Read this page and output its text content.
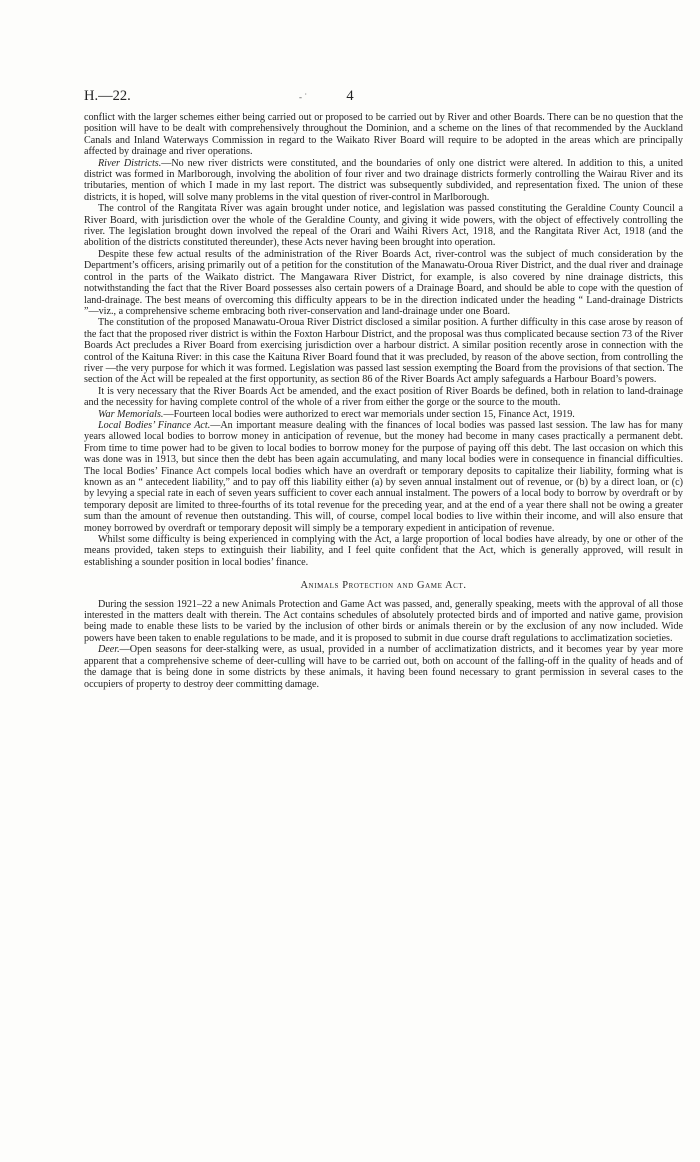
H.—22.	- ˙	4

conflict with the larger schemes either being carried out or proposed to be carried out by River and other Boards. There can be no question that the position will have to be dealt with comprehensively throughout the Dominion, and a scheme on the lines of that recommended by the Auckland Canals and Inland Waterways Commission in regard to the Waikato River Board will require to be adopted in the areas which are principally affected by drainage and river operations.

River Districts.—No new river districts were constituted, and the boundaries of only one district were altered. In addition to this, a united district was formed in Marlborough, involving the abolition of four river and two drainage districts formerly controlling the Wairau River and its tributaries, mention of which I made in my last report. The district was subsequently subdivided, and representation fixed. The union of these districts, it is hoped, will solve many problems in the vital question of river-control in Marlborough.

The control of the Rangitata River was again brought under notice, and legislation was passed constituting the Geraldine County Council a River Board, with jurisdiction over the whole of the Geraldine County, and giving it wide powers, with the object of effectively controlling the river. The legislation brought down involved the repeal of the Orari and Waihi Rivers Act, 1918, and the Rangitata River Act, 1918 (and the abolition of the districts constituted thereunder), these Acts never having been brought into operation.

Despite these few actual results of the administration of the River Boards Act, river-control was the subject of much consideration by the Department’s officers, arising primarily out of a petition for the constitution of the Manawatu-Oroua River District, and the dual river and drainage control in the parts of the Waikato district. The Mangawara River District, for example, is also covered by nine drainage districts, this notwithstanding the fact that the River Board possesses also certain powers of a Drainage Board, and should be able to cope with the question of land-drainage. The best means of overcoming this difficulty appears to be in the direction indicated under the heading “ Land-drainage Districts ”—viz., a comprehensive scheme embracing both river-conservation and land-drainage under one Board.

The constitution of the proposed Manawatu-Oroua River District disclosed a similar position. A further difficulty in this case arose by reason of the fact that the proposed river district is within the Foxton Harbour District, and the proposal was thus complicated because section 73 of the River Boards Act precludes a River Board from exercising jurisdiction over a harbour district. A similar position recently arose in connection with the control of the Kaituna River: in this case the Kaituna River Board found that it was precluded, by reason of the above section, from controlling the river —the very purpose for which it was formed. Legislation was passed last session exempting the Board from the provisions of that section. The section of the Act will be repealed at the first opportunity, as section 86 of the River Boards Act amply safeguards a Harbour Board’s powers.

It is very necessary that the River Boards Act be amended, and the exact position of River Boards be defined, both in relation to land-drainage and the necessity for having complete control of the whole of a river from either the gorge or the source to the mouth.

War Memorials.—Fourteen local bodies were authorized to erect war memorials under section 15, Finance Act, 1919.

Local Bodies’ Finance Act.—An important measure dealing with the finances of local bodies was passed last session. The law has for many years allowed local bodies to borrow money in anticipation of revenue, but the money had become in many cases practically a permanent debt. From time to time power had to be given to local bodies to borrow money for the purpose of paying off this debt. The last occasion on which this was done was in 1913, but since then the debt has been again accumulating, and many local bodies were in consequence in financial difficulties. The local Bodies’ Finance Act compels local bodies which have an overdraft or temporary deposits to capitalize their liability, forming what is known as an “ antecedent liability,” and to pay off this liability either (a) by seven annual instalment out of revenue, or (b) by a direct loan, or (c) by levying a special rate in each of seven years sufficient to cover each annual instalment. The powers of a local body to borrow by overdraft or by temporary deposit are limited to three-fourths of its total revenue for the preceding year, and at the end of a year there shall not be owing a greater sum than the amount of revenue then outstanding. This will, of course, compel local bodies to live within their income, and will also ensure that money borrowed by overdraft or temporary deposit will simply be a temporary expedient in anticipation of revenue.

Whilst some difficulty is being experienced in complying with the Act, a large proportion of local bodies have already, by one or other of the means provided, taken steps to extinguish their liability, and I feel quite confident that the Act, which is generally approved, will result in establishing a sounder position in local bodies’ finance.

Animals Protection and Game Act.

During the session 1921–22 a new Animals Protection and Game Act was passed, and, generally speaking, meets with the approval of all those interested in the matters dealt with therein. The Act contains schedules of absolutely protected birds and of imported and native game, provision being made to enable these lists to be varied by the inclusion of other birds or animals therein or by the exclusion of any now included. Wide powers have been taken to enable regulations to be made, and it is proposed to submit in due course draft regulations to acclimatization societies.

Deer.—Open seasons for deer-stalking were, as usual, provided in a number of acclimatization districts, and it becomes year by year more apparent that a comprehensive scheme of deer-culling will have to be carried out, both on account of the falling-off in the quality of heads and of the damage that is being done in some districts by these animals, it having been found necessary to grant permission in several cases to the occupiers of property to destroy deer committing damage.
